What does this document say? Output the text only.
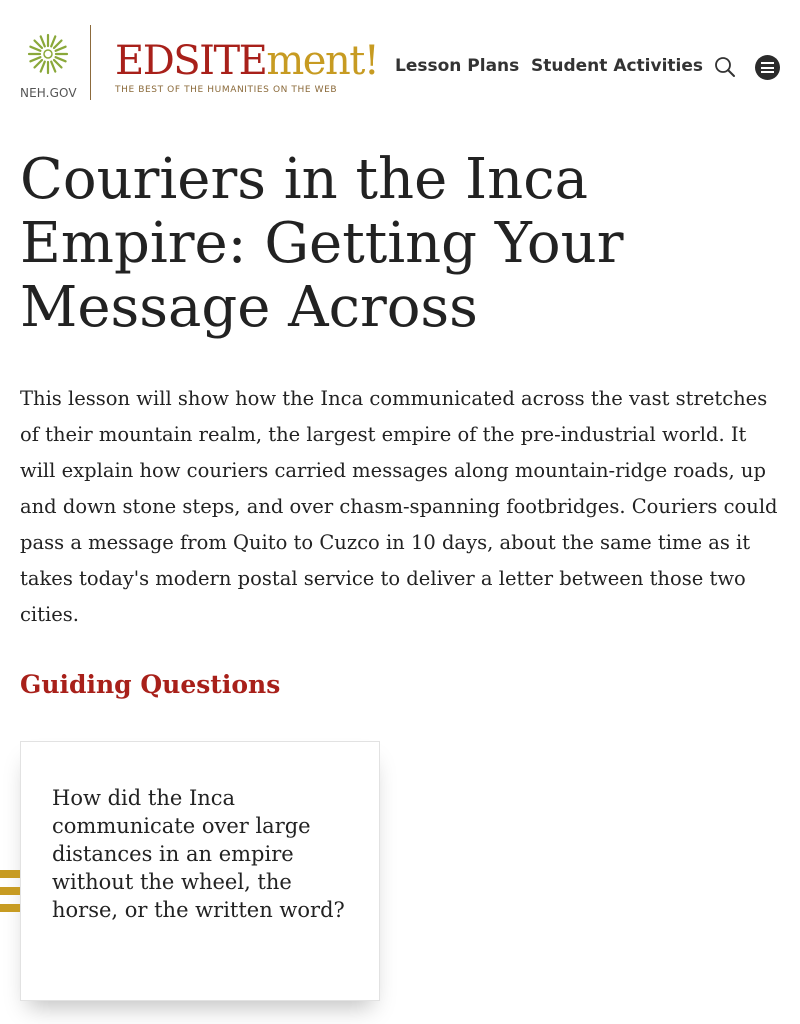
NEH.GOV
EDSITEment!
THE BEST OF THE HUMANITIES ON THE WEB
Lesson Plans Student Activities
Couriers in the Inca Empire: Getting Your Message Across

This lesson will show how the Inca communicated across the vast stretches of their mountain realm, the largest empire of the pre-industrial world. It will explain how couriers carried messages along mountain-ridge roads, up and down stone steps, and over chasm-spanning footbridges. Couriers could pass a message from Quito to Cuzco in 10 days, about the same time as it takes today's modern postal service to deliver a letter between those two cities.

Guiding Questions

How did the Inca communicate over large distances in an empire without the wheel, the horse, or the written word?
